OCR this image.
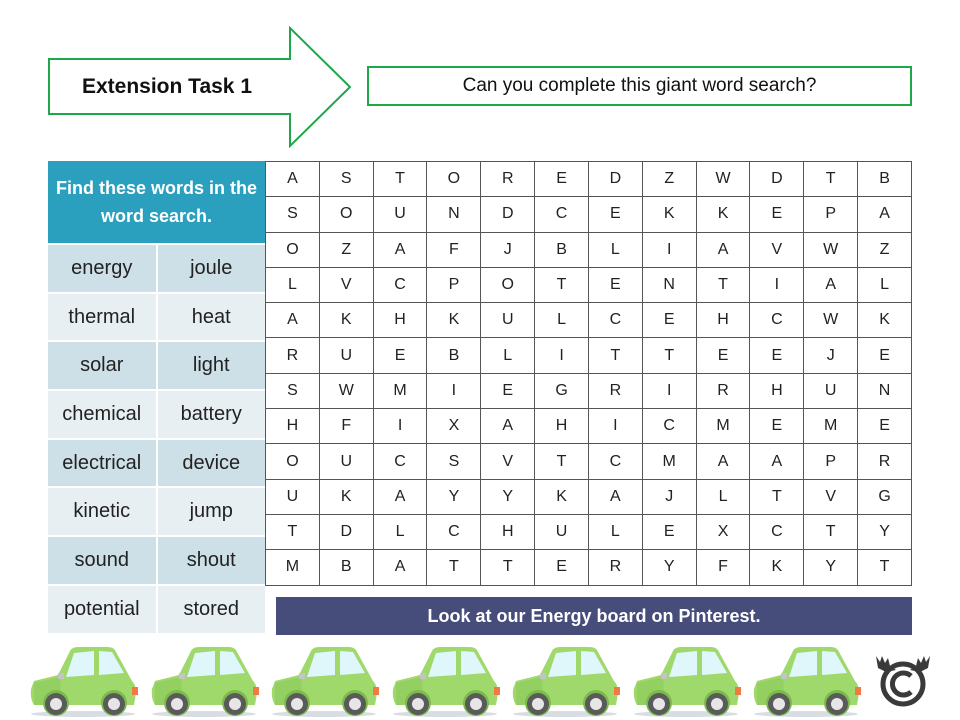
Extension Task 1	Can you complete this giant word search?
Find these words in the word search.
energy	joule
thermal	heat
solar	light
chemical	battery
electrical	device
kinetic	jump
sound	shout
potential	stored
A	S	T	O	R	E	D	Z	W	D	T	B
S	O	U	N	D	C	E	K	K	E	P	A
O	Z	A	F	J	B	L	I	A	V	W	Z
L	V	C	P	O	T	E	N	T	I	A	L
A	K	H	K	U	L	C	E	H	C	W	K
R	U	E	B	L	I	T	T	E	E	J	E
S	W	M	I	E	G	R	I	R	H	U	N
H	F	I	X	A	H	I	C	M	E	M	E
O	U	C	S	V	T	C	M	A	A	P	R
U	K	A	Y	Y	K	A	J	L	T	V	G
T	D	L	C	H	U	L	E	X	C	T	Y
M	B	A	T	T	E	R	Y	F	K	Y	T
Look at our Energy board on Pinterest.
